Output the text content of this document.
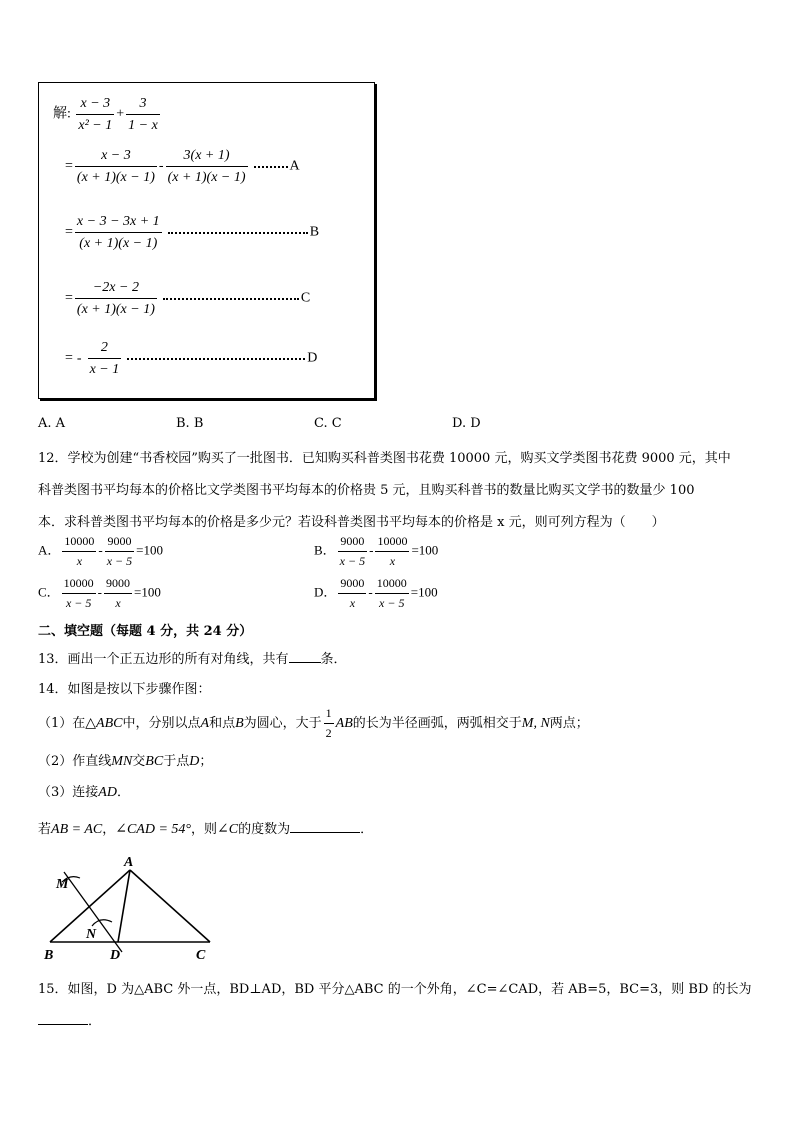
解: $\frac{x - 3}{\text{x² − 1}} + \frac{3}{1 - x}$
= $\frac{x - 3}{(x + 1)(x - 1)} - \frac{3(x + 1)}{(x + 1)(x - 1)}$	A
= $\frac{x - 3 - 3x + 1}{(x + 1)(x - 1)}$	B
= $\frac{-2x - 2}{(x + 1)(x - 1)}$	C
= - $\frac{2}{x - 1}$	D
A. A	B. B	C. C	D. D
12．学校为创建“书香校园”购买了一批图书．已知购买科普类图书花费 10000 元，购买文学类图书花费 9000 元，其中
科普类图书平均每本的价格比文学类图书平均每本的价格贵 5 元，且购买科普书的数量比购买文学书的数量少 100
本．求科普类图书平均每本的价格是多少元？若设科普类图书平均每本的价格是 x 元，则可列方程为（　　）
A． $\frac{10000}{x} - \frac{9000}{x - 5} =100$	B． $\frac{9000}{x - 5} - \frac{10000}{x} =100$
C． $\frac{10000}{x - 5} - \frac{9000}{x} =100$	D． $\frac{9000}{x} - \frac{10000}{x - 5} =100$
二、填空题（每题 4 分，共 24 分）
13．画出一个正五边形的所有对角线，共有 条．
14．如图是按以下步骤作图：
（1）在△ABC中，分别以点A和点B为圆心，大于 $\frac{1}{2}$ AB的长为半径画弧，两弧相交于M, N两点；
（2）作直线MN交BC于点D；
（3）连接AD．
若AB = AC，∠CAD = 54°，则∠C的度数为	．
A
B	C
D
M
N
15．如图，D 为△ABC 外一点，BD⊥AD，BD 平分△ABC 的一个外角，∠C=∠CAD，若 AB=5，BC=3，则 BD 的长为
．
